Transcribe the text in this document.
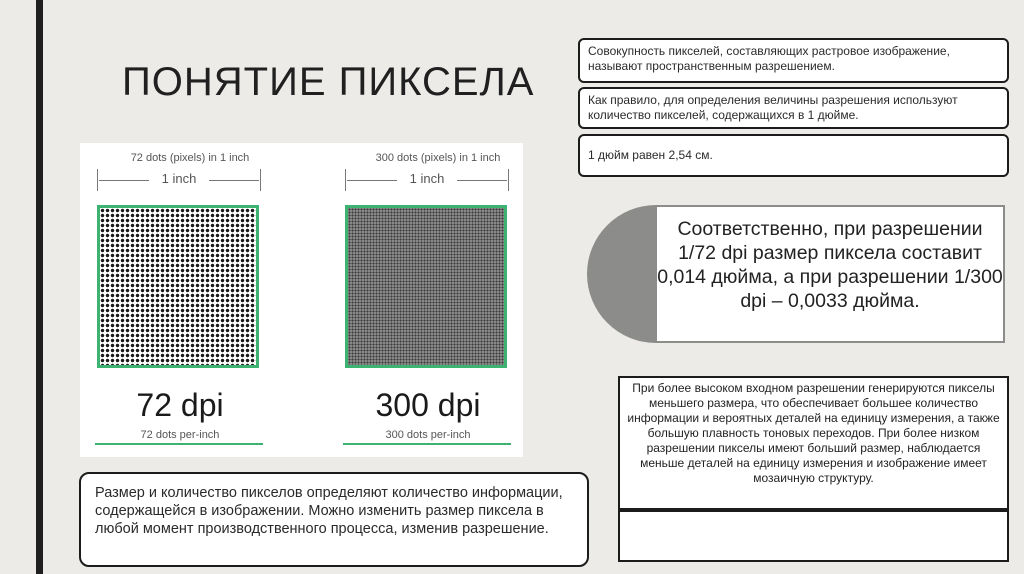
ПОНЯТИЕ ПИКСЕЛА
72 dots (pixels) in 1 inch
1 inch
72 dpi
72 dots per-inch
300 dots (pixels) in 1 inch
1 inch
300 dpi
300 dots per-inch
Совокупность пикселей, составляющих растровое изображение, называют пространственным разрешением.
Как правило, для определения величины разрешения используют количество пикселей, содержащихся в 1 дюйме.
1 дюйм равен 2,54 см.
Соответственно, при разрешении 1/72 dpi размер пиксела составит 0,014 дюйма, а при разрешении 1/300 dpi – 0,0033 дюйма.
При более высоком входном разрешении генерируются пикселы меньшего размера, что обеспечивает большее количество информации и вероятных деталей на единицу измерения, а также большую плавность тоновых переходов. При более низком разрешении пикселы имеют больший размер, наблюдается меньше деталей на единицу измерения и изображение имеет мозаичную структуру.
Размер и количество пикселов определяют количество информации, содержащейся в изображении. Можно изменить размер пиксела в любой момент производственного процесса, изменив разрешение.
